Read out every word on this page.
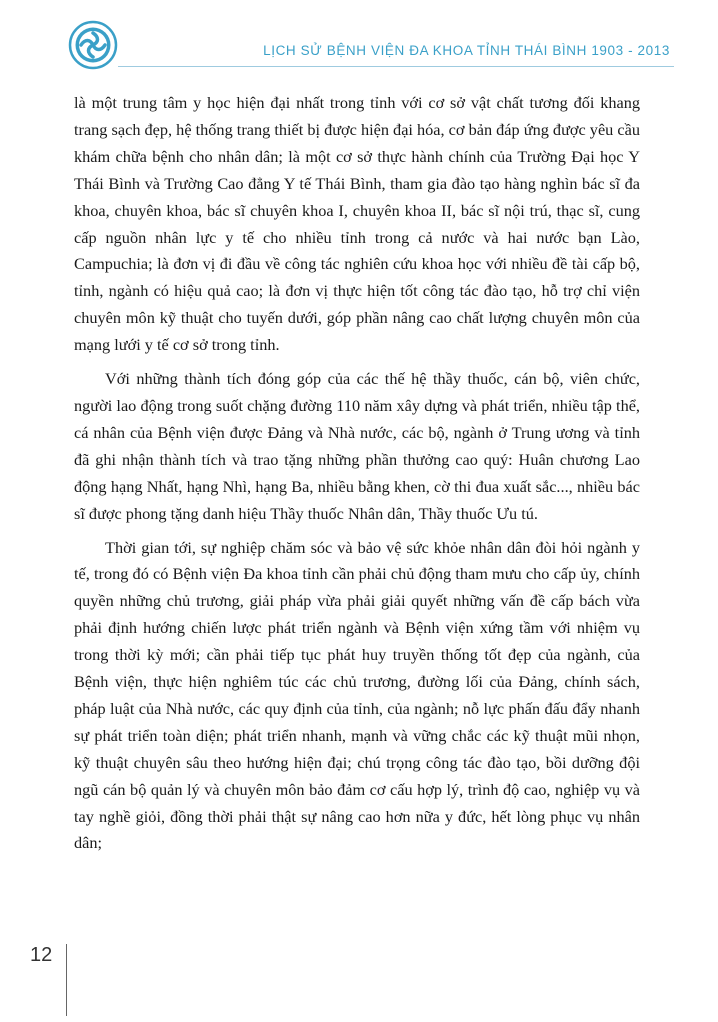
LỊCH SỬ BỆNH VIỆN ĐA KHOA TỈNH THÁI BÌNH 1903 - 2013

là một trung tâm y học hiện đại nhất trong tỉnh với cơ sở vật chất tương đối khang trang sạch đẹp, hệ thống trang thiết bị được hiện đại hóa, cơ bản đáp ứng được yêu cầu khám chữa bệnh cho nhân dân; là một cơ sở thực hành chính của Trường Đại học Y Thái Bình và Trường Cao đẳng Y tế Thái Bình, tham gia đào tạo hàng nghìn bác sĩ đa khoa, chuyên khoa, bác sĩ chuyên khoa I, chuyên khoa II, bác sĩ nội trú, thạc sĩ, cung cấp nguồn nhân lực y tế cho nhiều tỉnh trong cả nước và hai nước bạn Lào, Campuchia; là đơn vị đi đầu về công tác nghiên cứu khoa học với nhiều đề tài cấp bộ, tỉnh, ngành có hiệu quả cao; là đơn vị thực hiện tốt công tác đào tạo, hỗ trợ chỉ viện chuyên môn kỹ thuật cho tuyến dưới, góp phần nâng cao chất lượng chuyên môn của mạng lưới y tế cơ sở trong tỉnh.

Với những thành tích đóng góp của các thế hệ thầy thuốc, cán bộ, viên chức, người lao động trong suốt chặng đường 110 năm xây dựng và phát triển, nhiều tập thể, cá nhân của Bệnh viện được Đảng và Nhà nước, các bộ, ngành ở Trung ương và tỉnh đã ghi nhận thành tích và trao tặng những phần thưởng cao quý: Huân chương Lao động hạng Nhất, hạng Nhì, hạng Ba, nhiều bằng khen, cờ thi đua xuất sắc..., nhiều bác sĩ được phong tặng danh hiệu Thầy thuốc Nhân dân, Thầy thuốc Ưu tú.

Thời gian tới, sự nghiệp chăm sóc và bảo vệ sức khỏe nhân dân đòi hỏi ngành y tế, trong đó có Bệnh viện Đa khoa tỉnh cần phải chủ động tham mưu cho cấp ủy, chính quyền những chủ trương, giải pháp vừa phải giải quyết những vấn đề cấp bách vừa phải định hướng chiến lược phát triển ngành và Bệnh viện xứng tầm với nhiệm vụ trong thời kỳ mới; cần phải tiếp tục phát huy truyền thống tốt đẹp của ngành, của Bệnh viện, thực hiện nghiêm túc các chủ trương, đường lối của Đảng, chính sách, pháp luật của Nhà nước, các quy định của tỉnh, của ngành; nỗ lực phấn đấu đẩy nhanh sự phát triển toàn diện; phát triển nhanh, mạnh và vững chắc các kỹ thuật mũi nhọn, kỹ thuật chuyên sâu theo hướng hiện đại; chú trọng công tác đào tạo, bồi dưỡng đội ngũ cán bộ quản lý và chuyên môn bảo đảm cơ cấu hợp lý, trình độ cao, nghiệp vụ và tay nghề giỏi, đồng thời phải thật sự nâng cao hơn nữa y đức, hết lòng phục vụ nhân dân;

12
